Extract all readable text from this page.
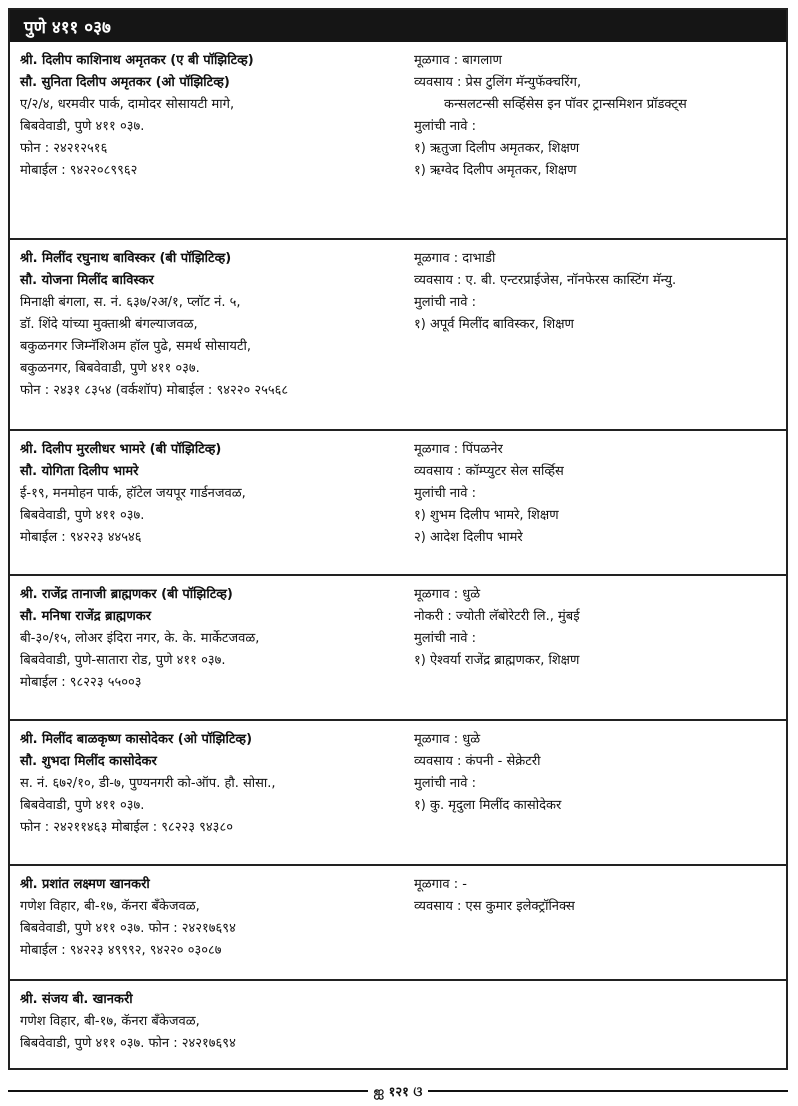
पुणे ४११ ०३७
श्री. दिलीप काशिनाथ अमृतकर (ए बी पॉझिटिव्ह)
सौ. सुनिता दिलीप अमृतकर (ओ पॉझिटिव्ह)
ए/२/४, धरमवीर पार्क, दामोदर सोसायटी मागे,
बिबवेवाडी, पुणे ४११ ०३७.
फोन : २४२१२५१६
मोबाईल : ९४२२०८९९६२
मूळगाव : बागलाण
व्यवसाय : प्रेस टुलिंग मॅन्युफॅक्चरिंग,
कन्सलटन्सी सर्व्हिसेस इन पॉवर ट्रान्समिशन प्रॉडक्ट्स
मुलांची नावे :
१) ऋतुजा दिलीप अमृतकर, शिक्षण
१) ऋग्वेद दिलीप अमृतकर, शिक्षण
श्री. मिलींद रघुनाथ बाविस्कर (बी पॉझिटिव्ह)
सौ. योजना मिलींद बाविस्कर
मिनाक्षी बंगला, स. नं. ६३७/२अ/१, प्लॉट नं. ५,
डॉ. शिंदे यांच्या मुक्ताश्री बंगल्याजवळ,
बकुळनगर जिम्नॅशिअम हॉल पुढे, समर्थ सोसायटी,
बकुळनगर, बिबवेवाडी, पुणे ४११ ०३७.
फोन : २४३१ ८३५४ (वर्कशॉप) मोबाईल : ९४२२० २५५६८
मूळगाव : दाभाडी
व्यवसाय : ए. बी. एन्टरप्राईजेस, नॉनफेरस कास्टिंग मॅन्यु.
मुलांची नावे :
१) अपूर्व मिलींद बाविस्कर, शिक्षण
श्री. दिलीप मुरलीधर भामरे (बी पॉझिटिव्ह)
सौ. योगिता दिलीप भामरे
ई-१९, मनमोहन पार्क, हॉटेल जयपूर गार्डनजवळ,
बिबवेवाडी, पुणे ४११ ०३७.
मोबाईल : ९४२२३ ४४५४६
मूळगाव : पिंपळनेर
व्यवसाय : कॉम्प्युटर सेल सर्व्हिस
मुलांची नावे :
१) शुभम दिलीप भामरे, शिक्षण
२) आदेश दिलीप भामरे
श्री. राजेंद्र तानाजी ब्राह्मणकर (बी पॉझिटिव्ह)
सौ. मनिषा राजेंद्र ब्राह्मणकर
बी-३०/१५, लोअर इंदिरा नगर, के. के. मार्केटजवळ,
बिबवेवाडी, पुणे-सातारा रोड, पुणे ४११ ०३७.
मोबाईल : ९८२२३ ५५००३
मूळगाव : धुळे
नोकरी : ज्योती लॅबोरेटरी लि., मुंबई
मुलांची नावे :
१) ऐश्वर्या राजेंद्र ब्राह्मणकर, शिक्षण
श्री. मिलींद बाळकृष्ण कासोदेकर (ओ पॉझिटिव्ह)
सौ. शुभदा मिलींद कासोदेकर
स. नं. ६७२/१०, डी-७, पुण्यनगरी को-ऑप. हौ. सोसा.,
बिबवेवाडी, पुणे ४११ ०३७.
फोन : २४२११४६३ मोबाईल : ९८२२३ ९४३८०
मूळगाव : धुळे
व्यवसाय : कंपनी - सेक्रेटरी
मुलांची नावे :
१) कु. मृदुला मिलींद कासोदेकर
श्री. प्रशांत लक्ष्मण खानकरी
गणेश विहार, बी-१७, कॅनरा बँकेजवळ,
बिबवेवाडी, पुणे ४११ ०३७. फोन : २४२१७६९४
मोबाईल : ९४२२३ ४९९९२, ९४२२० ०३०८७
मूळगाव : -
व्यवसाय : एस कुमार इलेक्ट्रॉनिक्स
श्री. संजय बी. खानकरी
गणेश विहार, बी-१७, कॅनरा बँकेजवळ,
बिबवेवाडी, पुणे ४११ ०३७. फोन : २४२१७६९४
ஐ १२१ ଓ
